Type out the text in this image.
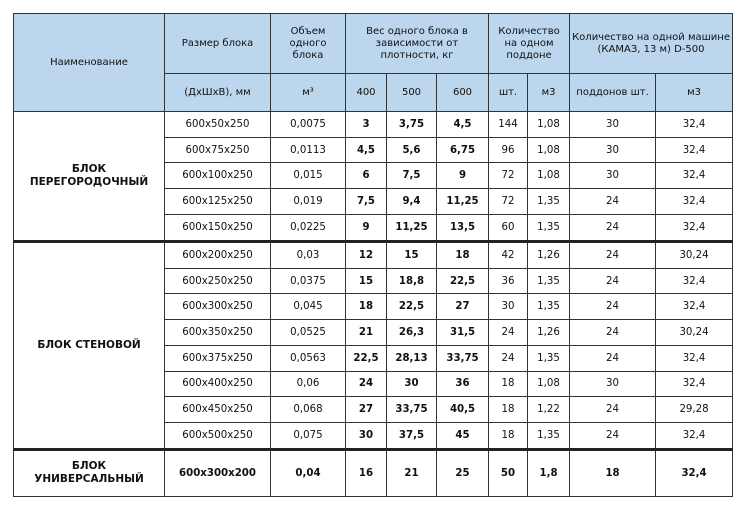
Наименование	Размер блока	Объем одного блока	Вес одного блока в зависимости от плотности, кг			Количество на одном поддоне		Количество на одной машине (КАМАЗ, 13 м) D-500	
	(ДхШхВ), мм	м³	400	500	600	шт.	м3	поддонов шт.	м3
БЛОК ПЕРЕГОРОДОЧНЫЙ	600x50x250	0,0075	3	3,75	4,5	144	1,08	30	32,4
	600x75x250	0,0113	4,5	5,6	6,75	96	1,08	30	32,4
	600x100x250	0,015	6	7,5	9	72	1,08	30	32,4
	600x125x250	0,019	7,5	9,4	11,25	72	1,35	24	32,4
	600x150x250	0,0225	9	11,25	13,5	60	1,35	24	32,4
БЛОК СТЕНОВОЙ	600x200x250	0,03	12	15	18	42	1,26	24	30,24
	600x250x250	0,0375	15	18,8	22,5	36	1,35	24	32,4
	600x300x250	0,045	18	22,5	27	30	1,35	24	32,4
	600x350x250	0,0525	21	26,3	31,5	24	1,26	24	30,24
	600x375x250	0,0563	22,5	28,13	33,75	24	1,35	24	32,4
	600x400x250	0,06	24	30	36	18	1,08	30	32,4
	600x450x250	0,068	27	33,75	40,5	18	1,22	24	29,28
	600x500x250	0,075	30	37,5	45	18	1,35	24	32,4
БЛОК УНИВЕРСАЛЬНЫЙ	600x300x200	0,04	16	21	25	50	1,8	18	32,4
